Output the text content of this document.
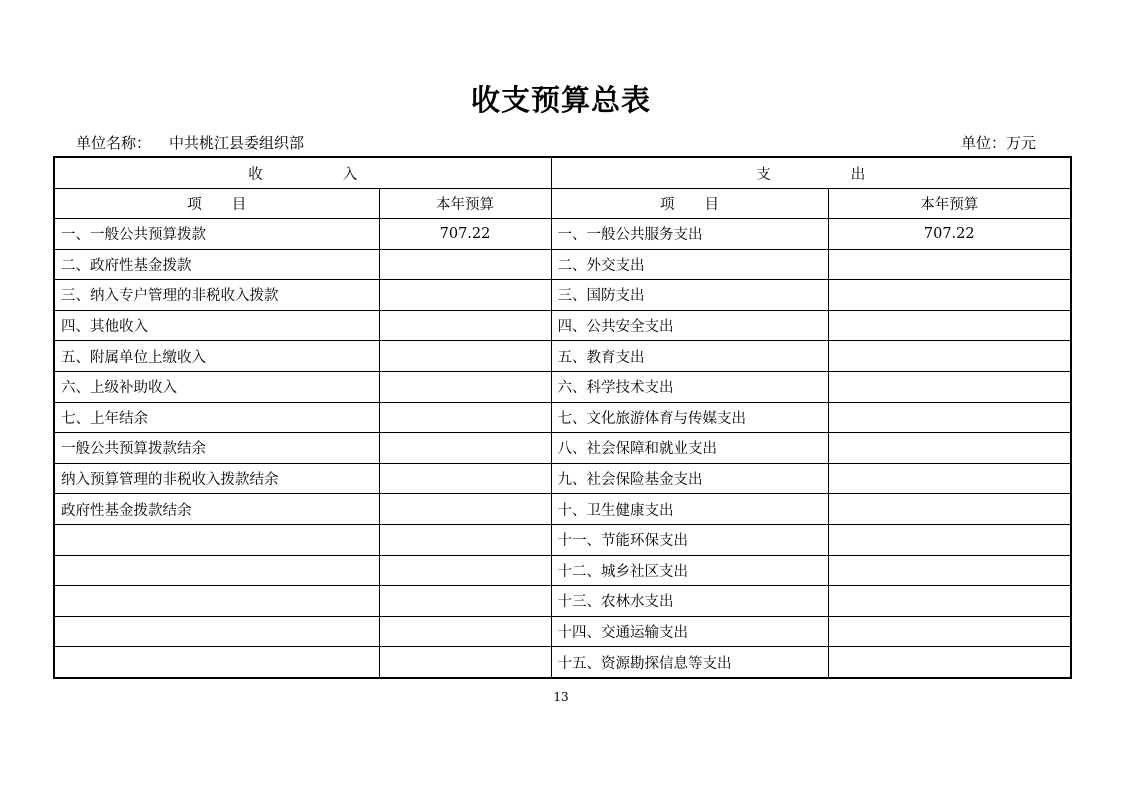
收支预算总表
单位名称： 中共桃江县委组织部	单位：万元
收 入		支 出	
项 目	本年预算	项 目	本年预算
一、一般公共预算拨款	707.22	一、一般公共服务支出	707.22
二、政府性基金拨款		二、外交支出	
三、纳入专户管理的非税收入拨款		三、国防支出	
四、其他收入		四、公共安全支出	
五、附属单位上缴收入		五、教育支出	
六、上级补助收入		六、科学技术支出	
七、上年结余		七、文化旅游体育与传媒支出	
一般公共预算拨款结余		八、社会保障和就业支出	
纳入预算管理的非税收入拨款结余		九、社会保险基金支出	
政府性基金拨款结余		十、卫生健康支出	
		十一、节能环保支出	
		十二、城乡社区支出	
		十三、农林水支出	
		十四、交通运输支出	
		十五、资源勘探信息等支出	
13
